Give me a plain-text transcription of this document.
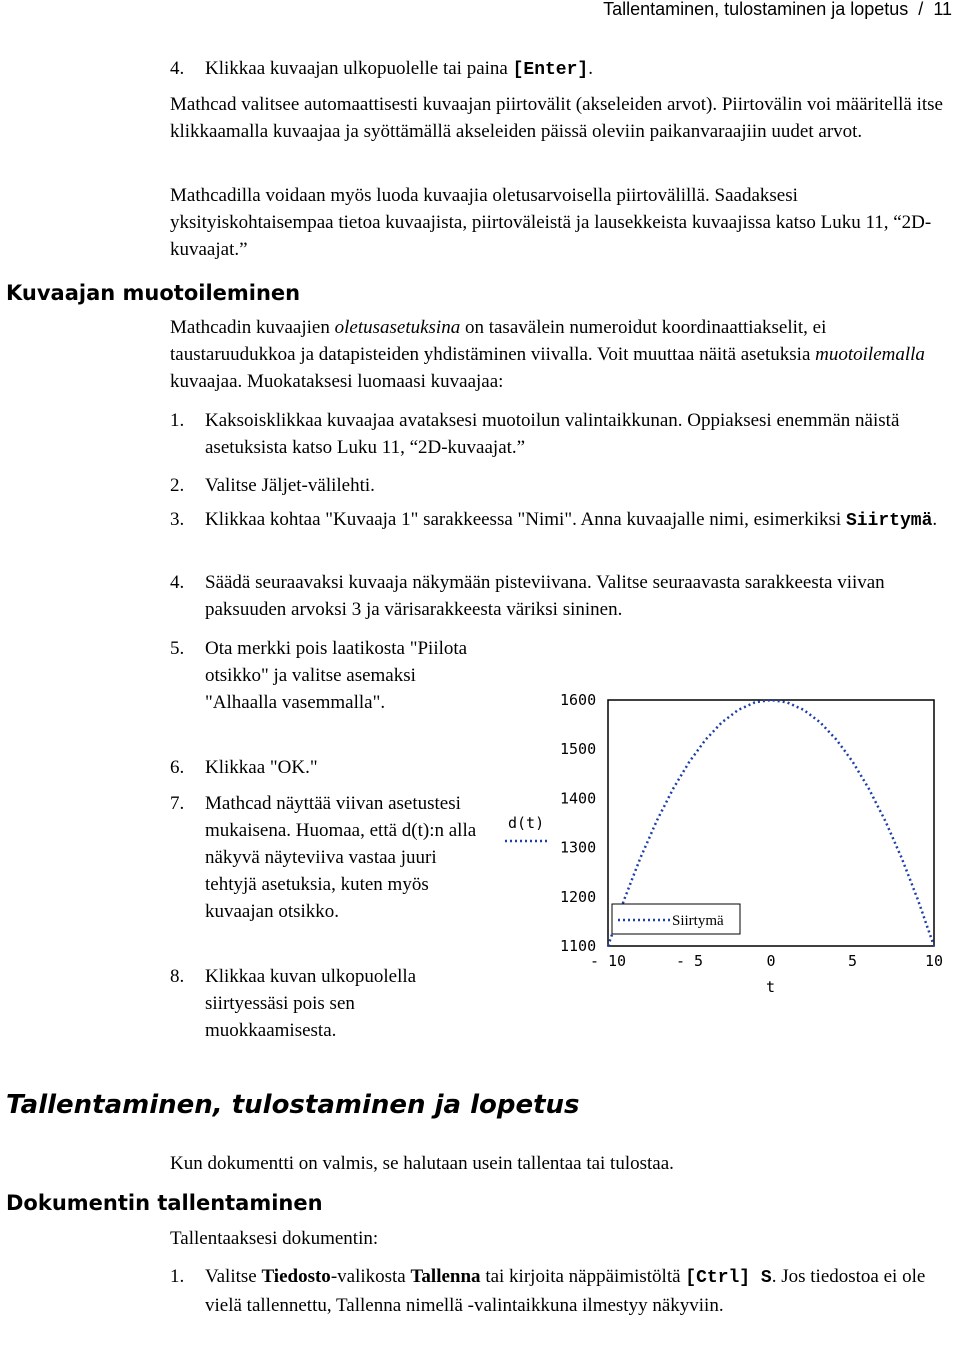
Tallentaminen, tulostaminen ja lopetus / 11
4. Klikkaa kuvaajan ulkopuolelle tai paina [Enter].

Mathcad valitsee automaattisesti kuvaajan piirtovälit (akseleiden arvot). Piirtovälin voi määritellä itse klikkaamalla kuvaajaa ja syöttämällä akseleiden päissä oleviin paikanvaraajiin uudet arvot.

Mathcadilla voidaan myös luoda kuvaajia oletusarvoisella piirtovälillä. Saadaksesi yksityiskohtaisempaa tietoa kuvaajista, piirtoväleistä ja lausekkeista kuvaajissa katso Luku 11, “2D-kuvaajat.”

Kuvaajan muotoileminen

Mathcadin kuvaajien oletusasetuksina on tasavälein numeroidut koordinaattiakselit, ei taustaruudukkoa ja datapisteiden yhdistäminen viivalla. Voit muuttaa näitä asetuksia muotoilemalla kuvaajaa. Muokataksesi luomaasi kuvaajaa:

1. Kaksoisklikkaa kuvaajaa avataksesi muotoilun valintaikkunan. Oppiaksesi enemmän näistä asetuksista katso Luku 11, “2D-kuvaajat.”

2. Valitse Jäljet-välilehti.

3. Klikkaa kohtaa "Kuvaaja 1" sarakkeessa "Nimi". Anna kuvaajalle nimi, esimerkiksi Siirtymä.

4. Säädä seuraavaksi kuvaaja näkymään pisteviivana. Valitse seuraavasta sarakkeesta viivan paksuuden arvoksi 3 ja värisarakkeesta väriksi sininen.

5. Ota merkki pois laatikosta "Piilota otsikko" ja valitse asemaksi "Alhaalla vasemmalla".

6. Klikkaa "OK."

7. Mathcad näyttää viivan asetustesi mukaisena. Huomaa, että d(t):n alla näkyvä näyteviiva vastaa juuri tehtyjä asetuksia, kuten myös kuvaajan otsikko.

8. Klikkaa kuvan ulkopuolella siirtyessäsi pois sen muokkaamisesta.

1600
1500
1400
1300
1200
1100
- 10	- 5	0	5	10
d(t)
Siirtymä
t
Tallentaminen, tulostaminen ja lopetus

Kun dokumentti on valmis, se halutaan usein tallentaa tai tulostaa.

Dokumentin tallentaminen

Tallentaaksesi dokumentin:

1. Valitse Tiedosto-valikosta Tallenna tai kirjoita näppäimistöltä [Ctrl] S. Jos tiedostoa ei ole vielä tallennettu, Tallenna nimellä -valintaikkuna ilmestyy näkyviin.
